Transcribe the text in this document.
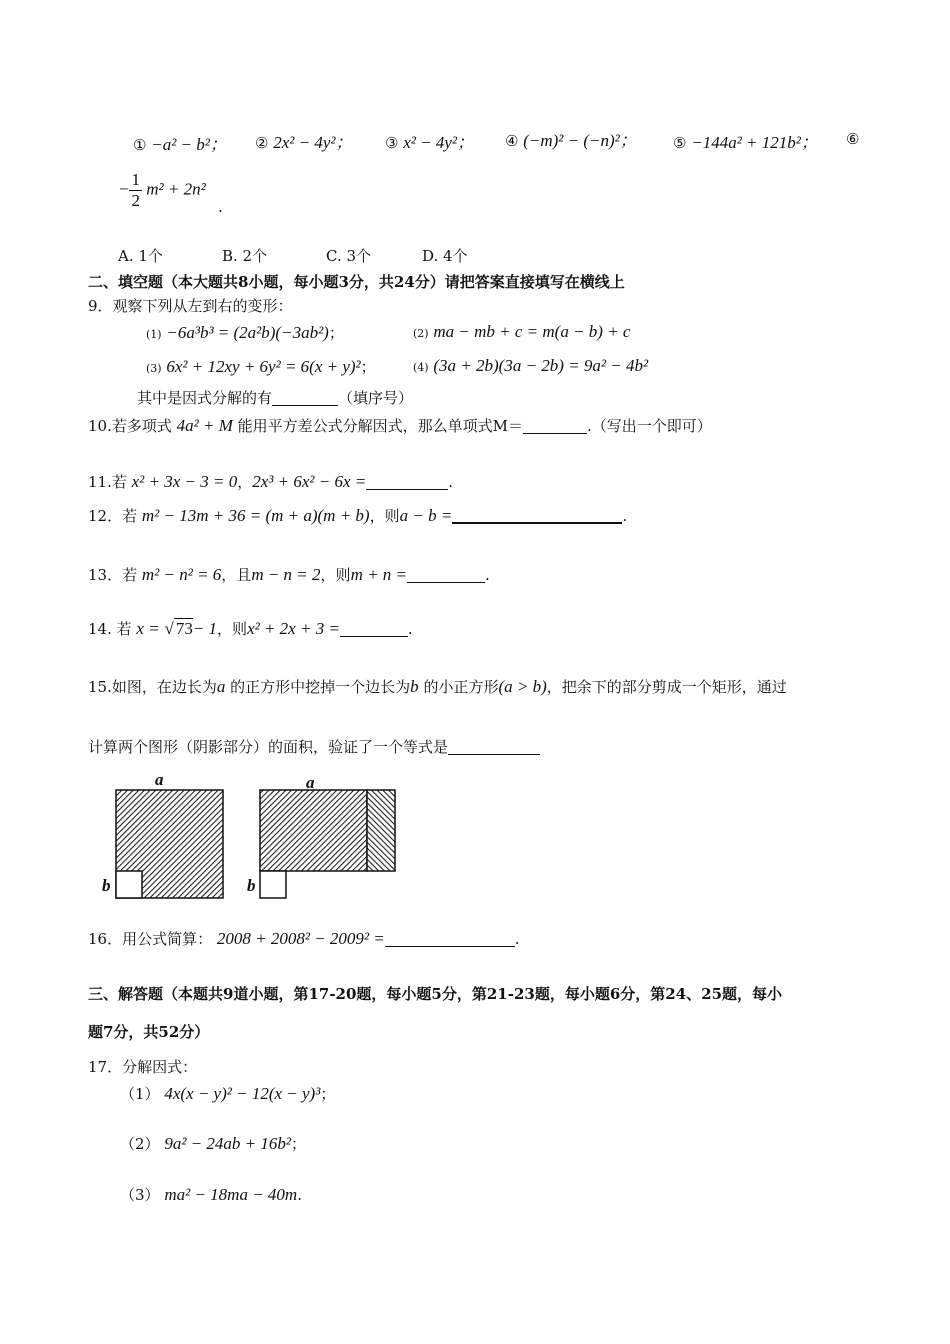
① −a² − b²； ② 2x² − 4y²； ③ x² − 4y²； ④ (−m)² − (−n)²； ⑤ −144a² + 121b²； ⑥
− $\frac{1}{2} m^2 + 2n^2$
.
A. 1个	B. 2个	C. 3个	D. 4个
二、填空题（本大题共8小题，每小题3分，共24分）请把答案直接填写在横线上
9．观察下列从左到右的变形：
(1) −6a³b³ = (2a²b)(−3ab²)；	(2) ma − mb + c = m(a − b) + c
(3) 6x² + 12xy + 6y² = 6(x + y)²；	(4) (3a + 2b)(3a − 2b) = 9a² − 4b²
其中是因式分解的有	（填序号）
10.若多项式 4a² + M 能用平方差公式分解因式，那么单项式M＝	.（写出一个即可）
11.若 x² + 3x − 3 = 0，2x³ + 6x² − 6x =	.
12．若 m² − 13m + 36 = (m + a)(m + b)，则a − b =	.
13．若 m² − n² = 6，且m − n = 2，则m + n =	.
14. 若 x = √ 73− 1，则x² + 2x + 3 =	.
15.如图，在边长为a 的正方形中挖掉一个边长为b 的小正方形(a > b)，把余下的部分剪成一个矩形，通过
计算两个图形（阴影部分）的面积，验证了一个等式是
a
b
a
b
16．用公式简算： 2008 + 2008² − 2009² =	.
三、解答题（本题共9道小题，第17-20题，每小题5分，第21-23题，每小题6分，第24、25题，每小
题7分，共52分）
17．分解因式：
（1） 4x(x − y)² − 12(x − y)³；
（2） 9a² − 24ab + 16b²；
（3） ma² − 18ma − 40m.
